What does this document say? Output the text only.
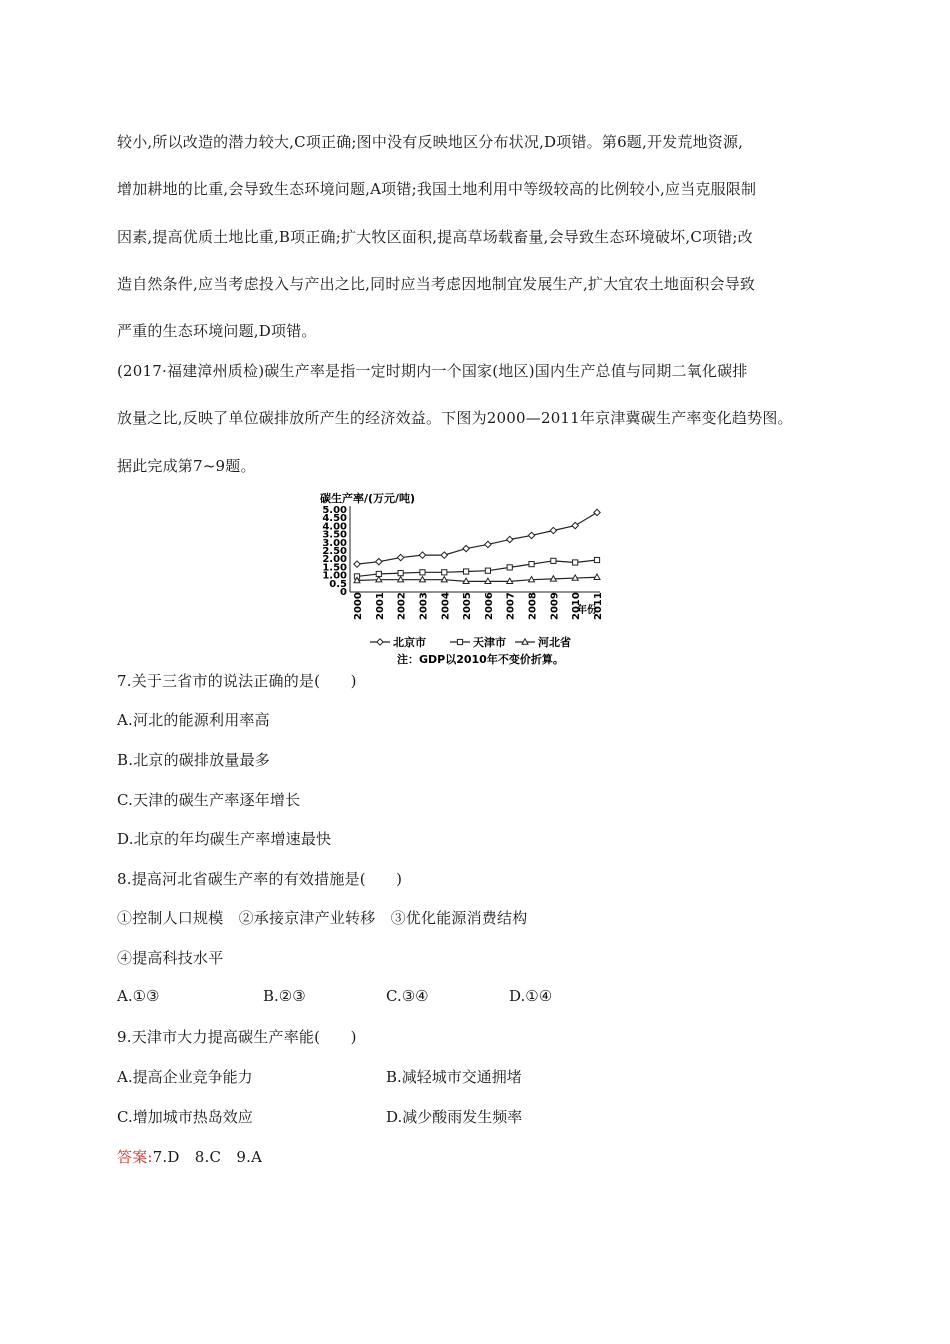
较小,所以改造的潜力较大,C项正确;图中没有反映地区分布状况,D项错。第6题,开发荒地资源,
增加耕地的比重,会导致生态环境问题,A项错;我国土地利用中等级较高的比例较小,应当克服限制
因素,提高优质土地比重,B项正确;扩大牧区面积,提高草场载畜量,会导致生态环境破坏,C项错;改
造自然条件,应当考虑投入与产出之比,同时应当考虑因地制宜发展生产,扩大宜农土地面积会导致
严重的生态环境问题,D项错。
(2017·福建漳州质检)碳生产率是指一定时期内一个国家(地区)国内生产总值与同期二氧化碳排
放量之比,反映了单位碳排放所产生的经济效益。下图为2000—2011年京津冀碳生产率变化趋势图。
据此完成第7~9题。
碳生产率/(万元/吨)
5.00
4.50
4.00
3.50
3.00
2.50
2.00
1.50
1.00
0.5
0 2000 2001 2002 2003 2004 2005 2006 2007 2008 2009 2010 2011
年份
北京市	天津市	河北省
注：GDP以2010年不变价折算。
7.关于三省市的说法正确的是(　　)
A.河北的能源利用率高
B.北京的碳排放量最多
C.天津的碳生产率逐年增长
D.北京的年均碳生产率增速最快
8.提高河北省碳生产率的有效措施是(　　)
①控制人口规模　②承接京津产业转移　③优化能源消费结构
④提高科技水平
A.①③	B.②③	C.③④	D.①④
9.天津市大力提高碳生产率能(　　)
A.提高企业竞争能力	B.减轻城市交通拥堵
C.增加城市热岛效应	D.减少酸雨发生频率
答案:7.D　8.C　9.A
